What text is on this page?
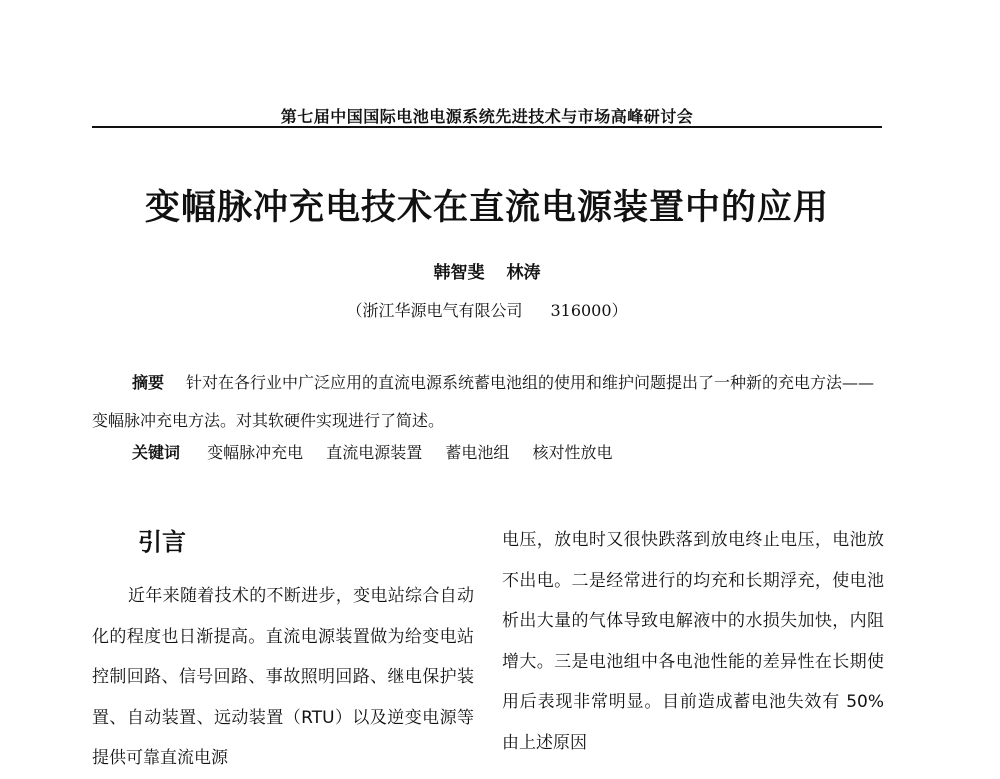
第七届中国国际电池电源系统先进技术与市场高峰研讨会
变幅脉冲充电技术在直流电源装置中的应用
韩智斐 林涛
（浙江华源电气有限公司 316000）
摘要 针对在各行业中广泛应用的直流电源系统蓄电池组的使用和维护问题提出了一种新的充电方法——变幅脉冲充电方法。对其软硬件实现进行了简述。
关键词 变幅脉冲充电 直流电源装置 蓄电池组 核对性放电
引言
近年来随着技术的不断进步，变电站综合自动化的程度也日渐提高。直流电源装置做为给变电站控制回路、信号回路、事故照明回路、继电保护装置、自动装置、远动装置（RTU）以及逆变电源等提供可靠直流电源
电压，放电时又很快跌落到放电终止电压，电池放不出电。二是经常进行的均充和长期浮充，使电池析出大量的气体导致电解液中的水损失加快，内阻增大。三是电池组中各电池性能的差异性在长期使用后表现非常明显。目前造成蓄电池失效有 50%由上述原因
